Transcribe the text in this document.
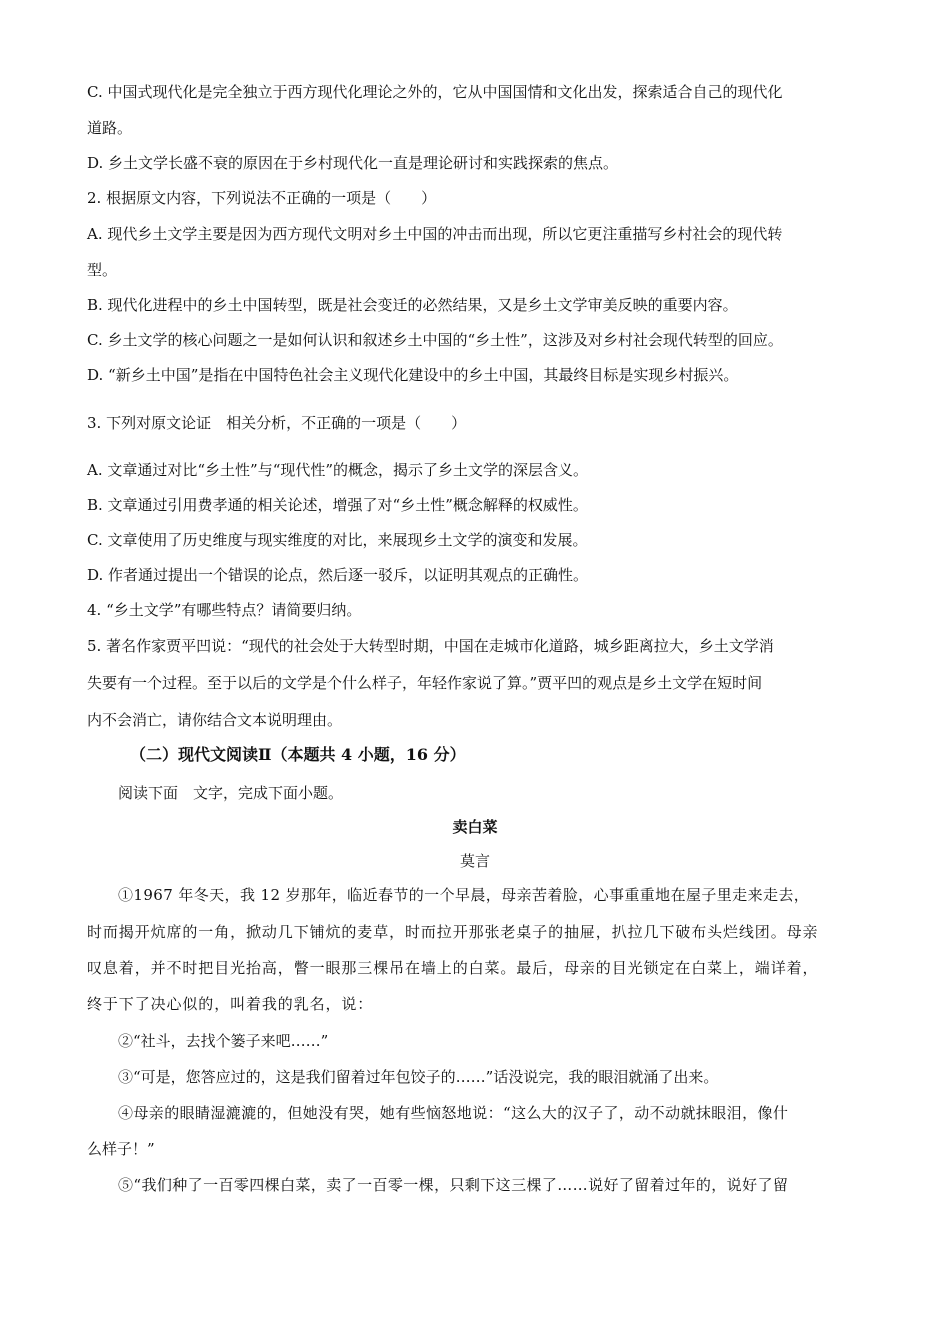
C. 中国式现代化是完全独立于西方现代化理论之外的，它从中国国情和文化出发，探索适合自己的现代化
道路。
D. 乡土文学长盛不衰的原因在于乡村现代化一直是理论研讨和实践探索的焦点。
2. 根据原文内容，下列说法不正确的一项是（　　）
A. 现代乡土文学主要是因为西方现代文明对乡土中国的冲击而出现，所以它更注重描写乡村社会的现代转
型。
B. 现代化进程中的乡土中国转型，既是社会变迁的必然结果，又是乡土文学审美反映的重要内容。
C. 乡土文学的核心问题之一是如何认识和叙述乡土中国的“乡土性”，这涉及对乡村社会现代转型的回应。
D. “新乡土中国”是指在中国特色社会主义现代化建设中的乡土中国，其最终目标是实现乡村振兴。
3. 下列对原文论证　相关分析，不正确的一项是（　　）
A. 文章通过对比“乡土性”与“现代性”的概念，揭示了乡土文学的深层含义。
B. 文章通过引用费孝通的相关论述，增强了对“乡土性”概念解释的权威性。
C. 文章使用了历史维度与现实维度的对比，来展现乡土文学的演变和发展。
D. 作者通过提出一个错误的论点，然后逐一驳斥，以证明其观点的正确性。
4. “乡土文学”有哪些特点？请简要归纳。
5. 著名作家贾平凹说：“现代的社会处于大转型时期，中国在走城市化道路，城乡距离拉大，乡土文学消
失要有一个过程。至于以后的文学是个什么样子，年轻作家说了算。”贾平凹的观点是乡土文学在短时间
内不会消亡，请你结合文本说明理由。
（二）现代文阅读Ⅱ（本题共 4 小题，16 分）
阅读下面　文字，完成下面小题。
卖白菜
莫言
①1967 年冬天，我 12 岁那年，临近春节的一个早晨，母亲苦着脸，心事重重地在屋子里走来走去，
时而揭开炕席的一角，掀动几下铺炕的麦草，时而拉开那张老桌子的抽屉，扒拉几下破布头烂线团。母亲
叹息着，并不时把目光抬高，瞥一眼那三棵吊在墙上的白菜。最后，母亲的目光锁定在白菜上，端详着，
终于下了决心似的，叫着我的乳名，说：
②“社斗，去找个篓子来吧……”
③“可是，您答应过的，这是我们留着过年包饺子的……”话没说完，我的眼泪就涌了出来。
④母亲的眼睛湿漉漉的，但她没有哭，她有些恼怒地说：“这么大的汉子了，动不动就抹眼泪，像什
么样子！”
⑤“我们种了一百零四棵白菜，卖了一百零一棵，只剩下这三棵了……说好了留着过年的，说好了留
